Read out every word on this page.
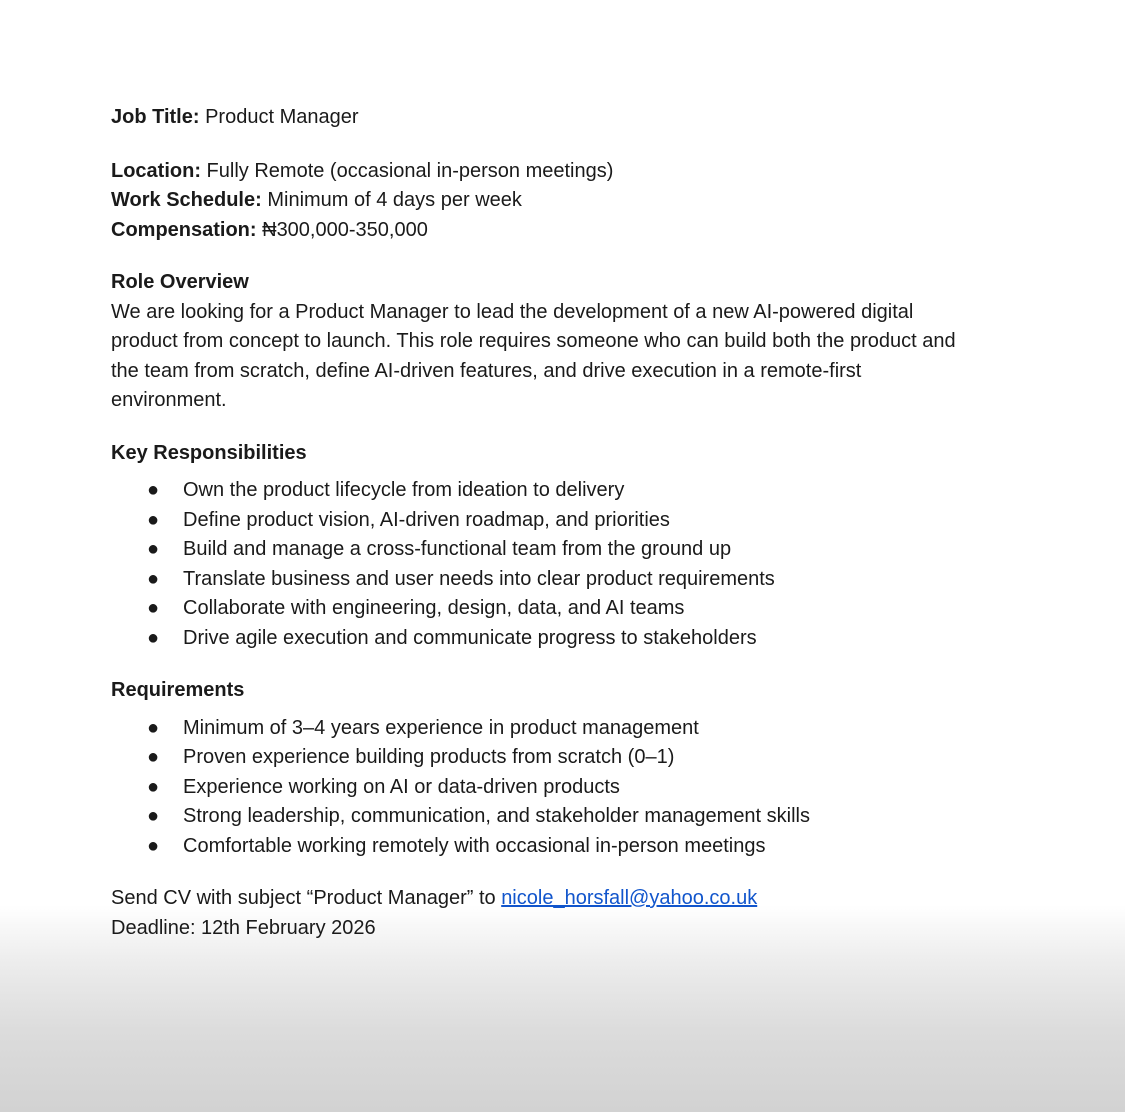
Job Title: Product Manager
Location: Fully Remote (occasional in-person meetings)
Work Schedule: Minimum of 4 days per week
Compensation: ₦300,000-350,000
Role Overview
We are looking for a Product Manager to lead the development of a new AI-powered digital
product from concept to launch. This role requires someone who can build both the product and
the team from scratch, define AI-driven features, and drive execution in a remote-first
environment.
Key Responsibilities
● Own the product lifecycle from ideation to delivery
● Define product vision, AI-driven roadmap, and priorities
● Build and manage a cross-functional team from the ground up
● Translate business and user needs into clear product requirements
● Collaborate with engineering, design, data, and AI teams
● Drive agile execution and communicate progress to stakeholders
Requirements
● Minimum of 3–4 years experience in product management
● Proven experience building products from scratch (0–1)
● Experience working on AI or data-driven products
● Strong leadership, communication, and stakeholder management skills
● Comfortable working remotely with occasional in-person meetings
Send CV with subject “Product Manager” to nicole_horsfall@yahoo.co.uk
Deadline: 12th February 2026
